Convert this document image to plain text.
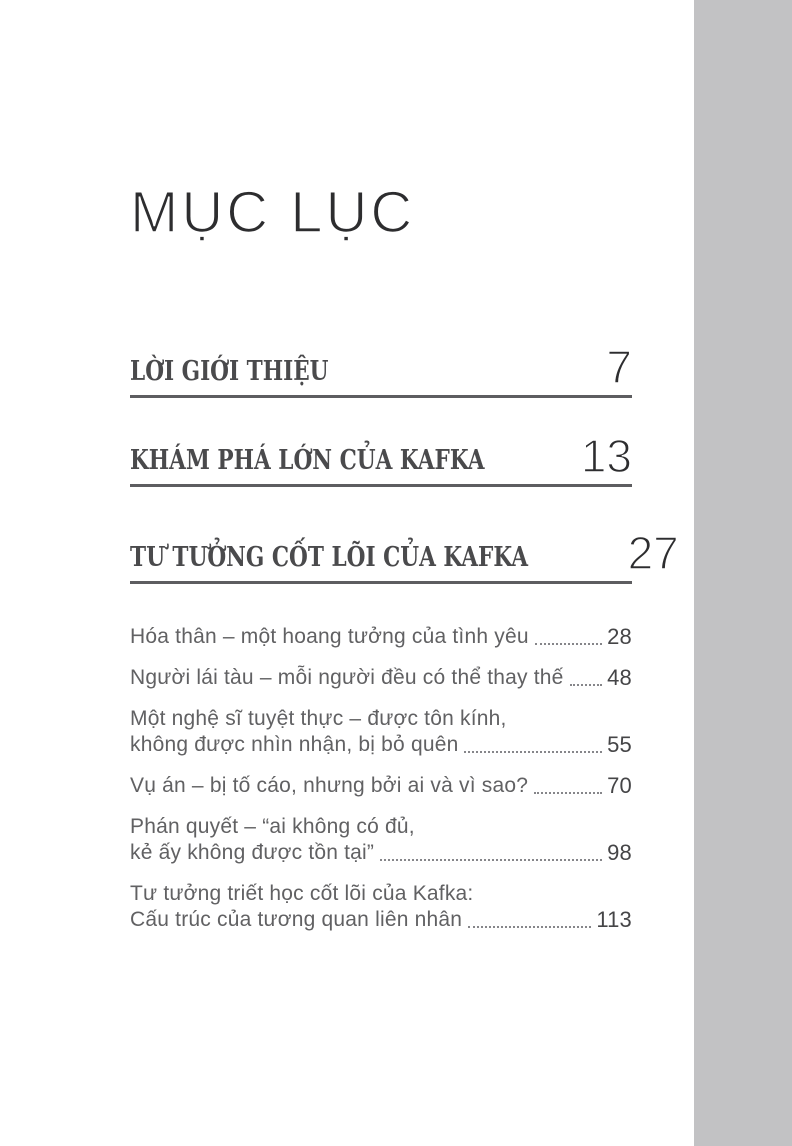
MỤC LỤC
LỜI GIỚI THIỆU	7
KHÁM PHÁ LỚN CỦA KAFKA 13
TƯ TƯỞNG CỐT LÕI CỦA KAFKA 27
Hóa thân – một hoang tưởng của tình yêu	28
Người lái tàu – mỗi người đều có thể thay thế 48
Một nghệ sĩ tuyệt thực – được tôn kính,
không được nhìn nhận, bị bỏ quên	55
Vụ án – bị tố cáo, nhưng bởi ai và vì sao?	70
Phán quyết – “ai không có đủ,
kẻ ấy không được tồn tại”	98
Tư tưởng triết học cốt lõi của Kafka:
Cấu trúc của tương quan liên nhân	113
